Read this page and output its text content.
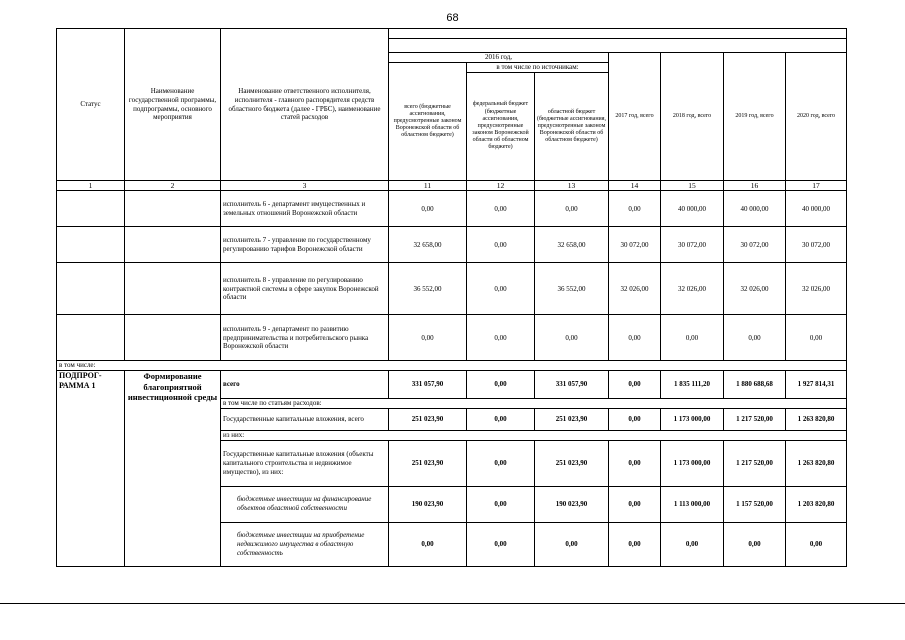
68
Статус	Наименование государственной программы, подпрограммы, основного мероприятия	Наименование ответственного исполнителя, исполнителя - главного распорядителя средств областного бюджета (далее - ГРБС), наименование статей расходов							

			2016 год,			2017 год, всего	2018 год, всего	2019 год, всего	2020 год, всего
			всего (бюджетные ассигнования, предусмотренные законом Воронежской области об областном бюджете)	в том числе по источникам:					
				федеральный бюджет (бюджетные ассигнования, предусмотренные законом Воронежской области об областном бюджете)	областной бюджет (бюджетные ассигнования, предусмотренные законом Воронежской области об областном бюджете)				

1	2	3	11	12	13	14	15	16	17
		исполнитель 6 - департамент имущественных и земельных отношений Воронежской области	0,00	0,00	0,00	0,00	40 000,00	40 000,00	40 000,00
		исполнитель 7 - управление по государственному регулированию тарифов Воронежской области	32 658,00	0,00	32 658,00	30 072,00	30 072,00	30 072,00	30 072,00
		исполнитель 8 - управление по регулированию контрактной системы в сфере закупок Воронежской области	36 552,00	0,00	36 552,00	32 026,00	32 026,00	32 026,00	32 026,00
		исполнитель 9 - департамент по развитию предпринимательства и потребительского рынка Воронежской области	0,00	0,00	0,00	0,00	0,00	0,00	0,00
в том числе:									
ПОДПРОГ-РАММА 1	Формирование благоприятной инвестиционной среды	всего	331 057,90	0,00	331 057,90	0,00	1 835 111,20	1 880 688,68	1 927 814,31
		в том числе по статьям расходов:							
		Государственные капитальные вложения, всего	251 023,90	0,00	251 023,90	0,00	1 173 000,00	1 217 520,00	1 263 820,80
		из них:							
		Государственные капитальные вложения (объекты капитального строительства и недвижимое имущество), из них:	251 023,90	0,00	251 023,90	0,00	1 173 000,00	1 217 520,00	1 263 820,80
		бюджетные инвестиции на финансирование объектов областной собственности	190 023,90	0,00	190 023,90	0,00	1 113 000,00	1 157 520,00	1 203 820,80
		бюджетные инвестиции на приобретение недвижимого имущества в областную собственность	0,00	0,00	0,00	0,00	0,00	0,00	0,00
